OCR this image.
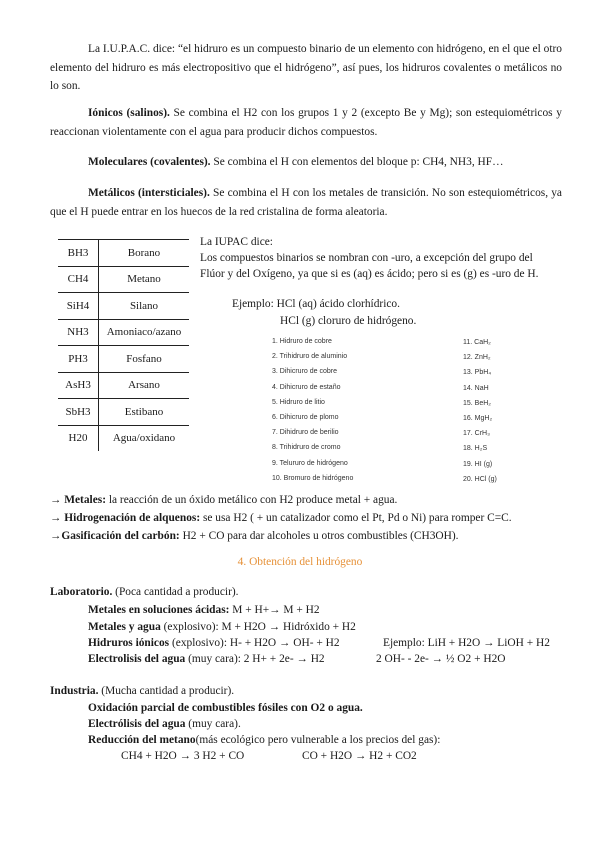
La I.U.P.A.C. dice: “el hidruro es un compuesto binario de un elemento con hidrógeno, en el que el otro elemento del hidruro es más electropositivo que el hidrógeno”, así pues, los hidruros covalentes o metálicos no lo son.
Iónicos (salinos). Se combina el H2 con los grupos 1 y 2 (excepto Be y Mg); son estequiométricos y reaccionan violentamente con el agua para producir dichos compuestos.
Moleculares (covalentes). Se combina el H con elementos del bloque p: CH4, NH3, HF…
Metálicos (intersticiales). Se combina el H con los metales de transición. No son estequiométricos, ya que el H puede entrar en los huecos de la red cristalina de forma aleatoria.
BH3	Borano
CH4	Metano
SiH4	Silano
NH3	Amoniaco/azano
PH3	Fosfano
AsH3	Arsano
SbH3	Estibano
H20	Agua/oxidano
La IUPAC dice:
Los compuestos binarios se nombran con -uro, a excepción del grupo del
Flúor y del Oxígeno, ya que si es (aq) es ácido; pero si es (g) es -uro de H.
Ejemplo: HCl (aq) ácido clorhídrico.
HCl (g) cloruro de hidrógeno.
1. Hidruro de cobre
2. Trihidruro de aluminio
3. Dihicruro de cobre
4. Dihicruro de estaño
5. Hidruro de litio
6. Dihicruro de plomo
7. Dihidruro de berilio
8. Trihidruro de cromo
9. Telururo de hidrógeno
10. Bromuro de hidrógeno
11. CaH₂
12. ZnH₂
13. PbH₄
14. NaH
15. BeH₂
16. MgH₂
17. CrH₃
18. H₂S
19. HI (g)
20. HCl (g)
→ Metales: la reacción de un óxido metálico con H2 produce metal + agua.
→ Hidrogenación de alquenos: se usa H2 ( + un catalizador como el Pt, Pd o Ni) para romper C=C.
→Gasificación del carbón: H2 + CO para dar alcoholes u otros combustibles (CH3OH).
4. Obtención del hidrógeno
Laboratorio. (Poca cantidad a producir).
Metales en soluciones ácidas: M + H+→ M + H2
Metales y agua (explosivo): M + H2O → Hidróxido + H2
Hidruros iónicos (explosivo): H- + H2O → OH- + H2	Ejemplo: LiH + H2O → LiOH + H2
Electrolisis del agua (muy cara): 2 H+ + 2e- → H2	2 OH- - 2e- → ½ O2 + H2O
Industria. (Mucha cantidad a producir).
Oxidación parcial de combustibles fósiles con O2 o agua.
Electrólisis del agua (muy cara).
Reducción del metano(más ecológico pero vulnerable a los precios del gas):
CH4 + H2O → 3 H2 + CO	CO + H2O → H2 + CO2
